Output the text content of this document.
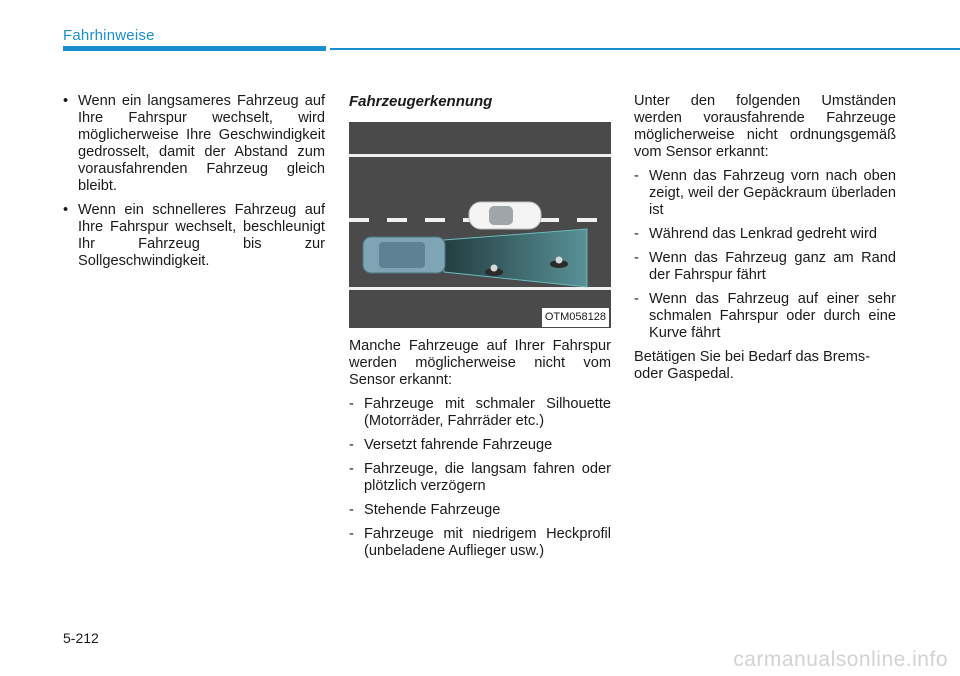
Fahrhinweise
• Wenn ein langsameres Fahrzeug auf Ihre Fahrspur wechselt, wird möglicherweise Ihre Geschwindigkeit gedrosselt, damit der Abstand zum vorausfahrenden Fahrzeug gleich bleibt.
• Wenn ein schnelleres Fahrzeug auf Ihre Fahrspur wechselt, beschleunigt Ihr Fahrzeug bis zur Sollgeschwindigkeit.
Fahrzeugerkennung
OTM058128

Manche Fahrzeuge auf Ihrer Fahrspur werden möglicherweise nicht vom Sensor erkannt:

- Fahrzeuge mit schmaler Silhouette (Motorräder, Fahrräder etc.)
- Versetzt fahrende Fahrzeuge
- Fahrzeuge, die langsam fahren oder plötzlich verzögern
- Stehende Fahrzeuge
- Fahrzeuge mit niedrigem Heckprofil (unbeladene Auflieger usw.)

Unter den folgenden Umständen werden vorausfahrende Fahrzeuge möglicherweise nicht ordnungsgemäß vom Sensor erkannt:

- Wenn das Fahrzeug vorn nach oben zeigt, weil der Gepäckraum überladen ist
- Während das Lenkrad gedreht wird
- Wenn das Fahrzeug ganz am Rand der Fahrspur fährt
- Wenn das Fahrzeug auf einer sehr schmalen Fahrspur oder durch eine Kurve fährt

Betätigen Sie bei Bedarf das Brems- oder Gaspedal.

5-212
carmanualsonline.info
